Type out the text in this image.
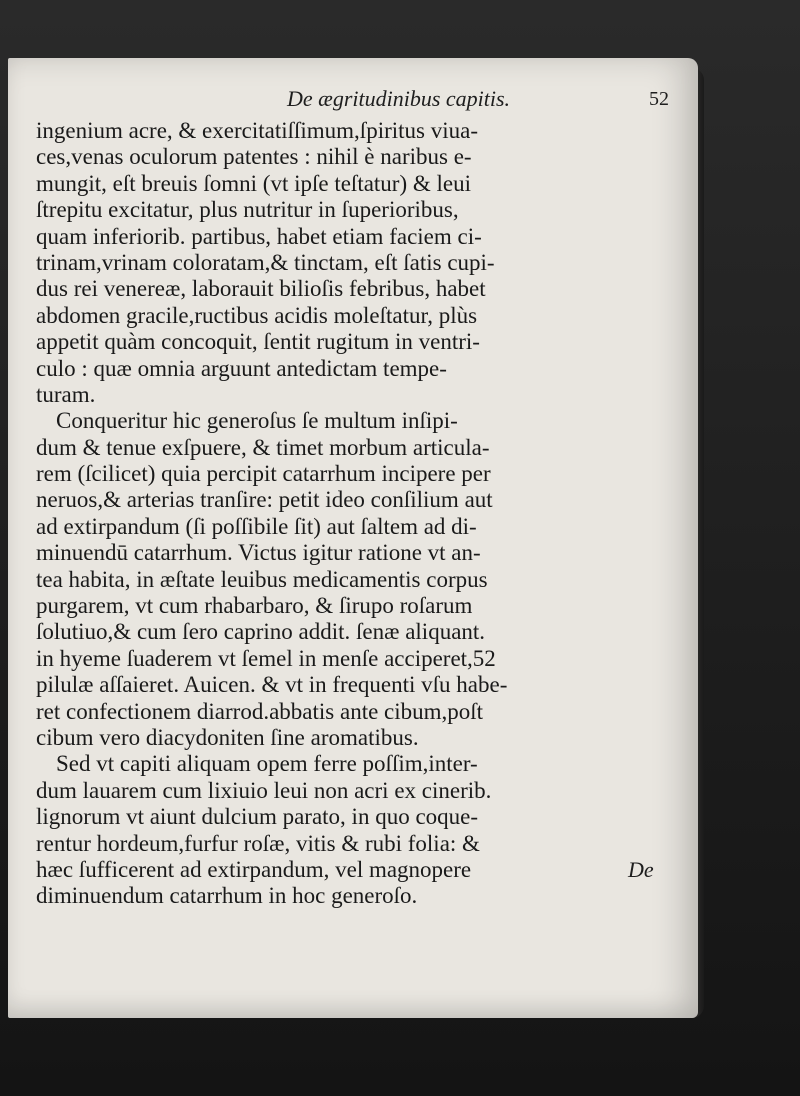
De ægritudinibus capitis.	52
ingenium acre, & exercitatiſſimum,ſpiritus viua-
ces,venas oculorum patentes : nihil è naribus e-
mungit, eſt breuis ſomni (vt ipſe teſtatur) & leui
ſtrepitu excitatur, plus nutritur in ſuperioribus,
quam inferiorib. partibus, habet etiam faciem ci-
trinam,vrinam coloratam,& tinctam, eſt ſatis cupi-
dus rei venereæ, laborauit bilioſis febribus, habet
abdomen gracile,ructibus acidis moleſtatur, plùs
appetit quàm concoquit, ſentit rugitum in ventri-
culo : quæ omnia arguunt antedictam tempe-
turam.
Conqueritur hic generoſus ſe multum inſipi-
dum & tenue exſpuere, & timet morbum articula-
rem (ſcilicet) quia percipit catarrhum incipere per
neruos,& arterias tranſire: petit ideo conſilium aut
ad extirpandum (ſi poſſibile ſit) aut ſaltem ad di-
minuendū catarrhum. Victus igitur ratione vt an-
tea habita, in æſtate leuibus medicamentis corpus
purgarem, vt cum rhabarbaro, & ſirupo roſarum
ſolutiuo,& cum ſero caprino addit. ſenæ aliquant.
in hyeme ſuaderem vt ſemel in menſe acciperet,52
pilulæ aſſaieret. Auicen. & vt in frequenti vſu habe-
ret confectionem diarrod.abbatis ante cibum,poſt
cibum vero diacydoniten ſine aromatibus.
Sed vt capiti aliquam opem ferre poſſim,inter-
dum lauarem cum lixiuio leui non acri ex cinerib.
lignorum vt aiunt dulcium parato, in quo coque-
rentur hordeum,furfur roſæ, vitis & rubi folia: &
hæc ſufficerent ad extirpandum, vel magnopere
diminuendum catarrhum in hoc generoſo.
De
